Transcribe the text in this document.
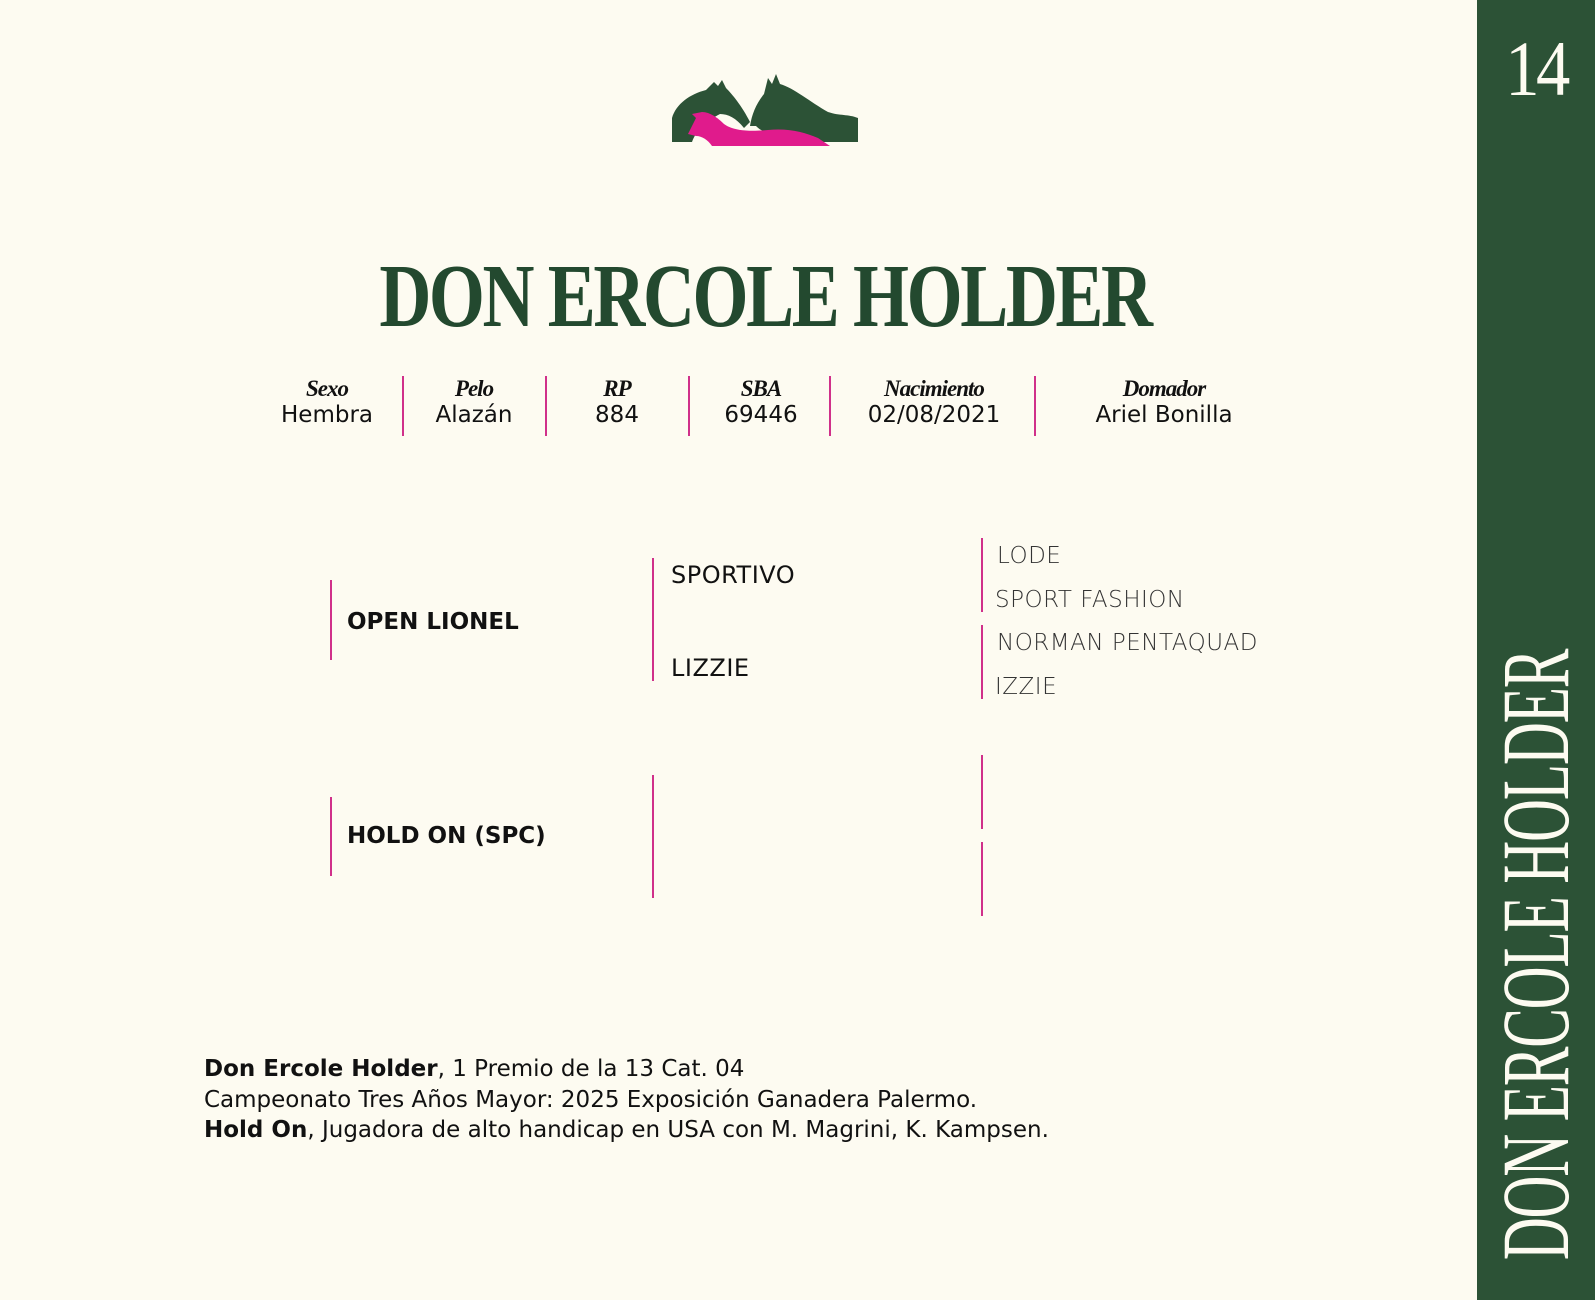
DON ERCOLE HOLDER
Sexo
Hembra
Pelo
Alazán
RP
884
SBA
69446
Nacimiento
02/08/2021
Domador
Ariel Bonilla
OPEN LIONEL
HOLD ON (SPC)
SPORTIVO
LIZZIE
LODE
SPORT FASHION
NORMAN PENTAQUAD
IZZIE
Don Ercole Holder, 1 Premio de la 13 Cat. 04
Campeonato Tres Años Mayor: 2025 Exposición Ganadera Palermo.
Hold On, Jugadora de alto handicap en USA con M. Magrini, K. Kampsen.
14
DON ERCOLE HOLDER
